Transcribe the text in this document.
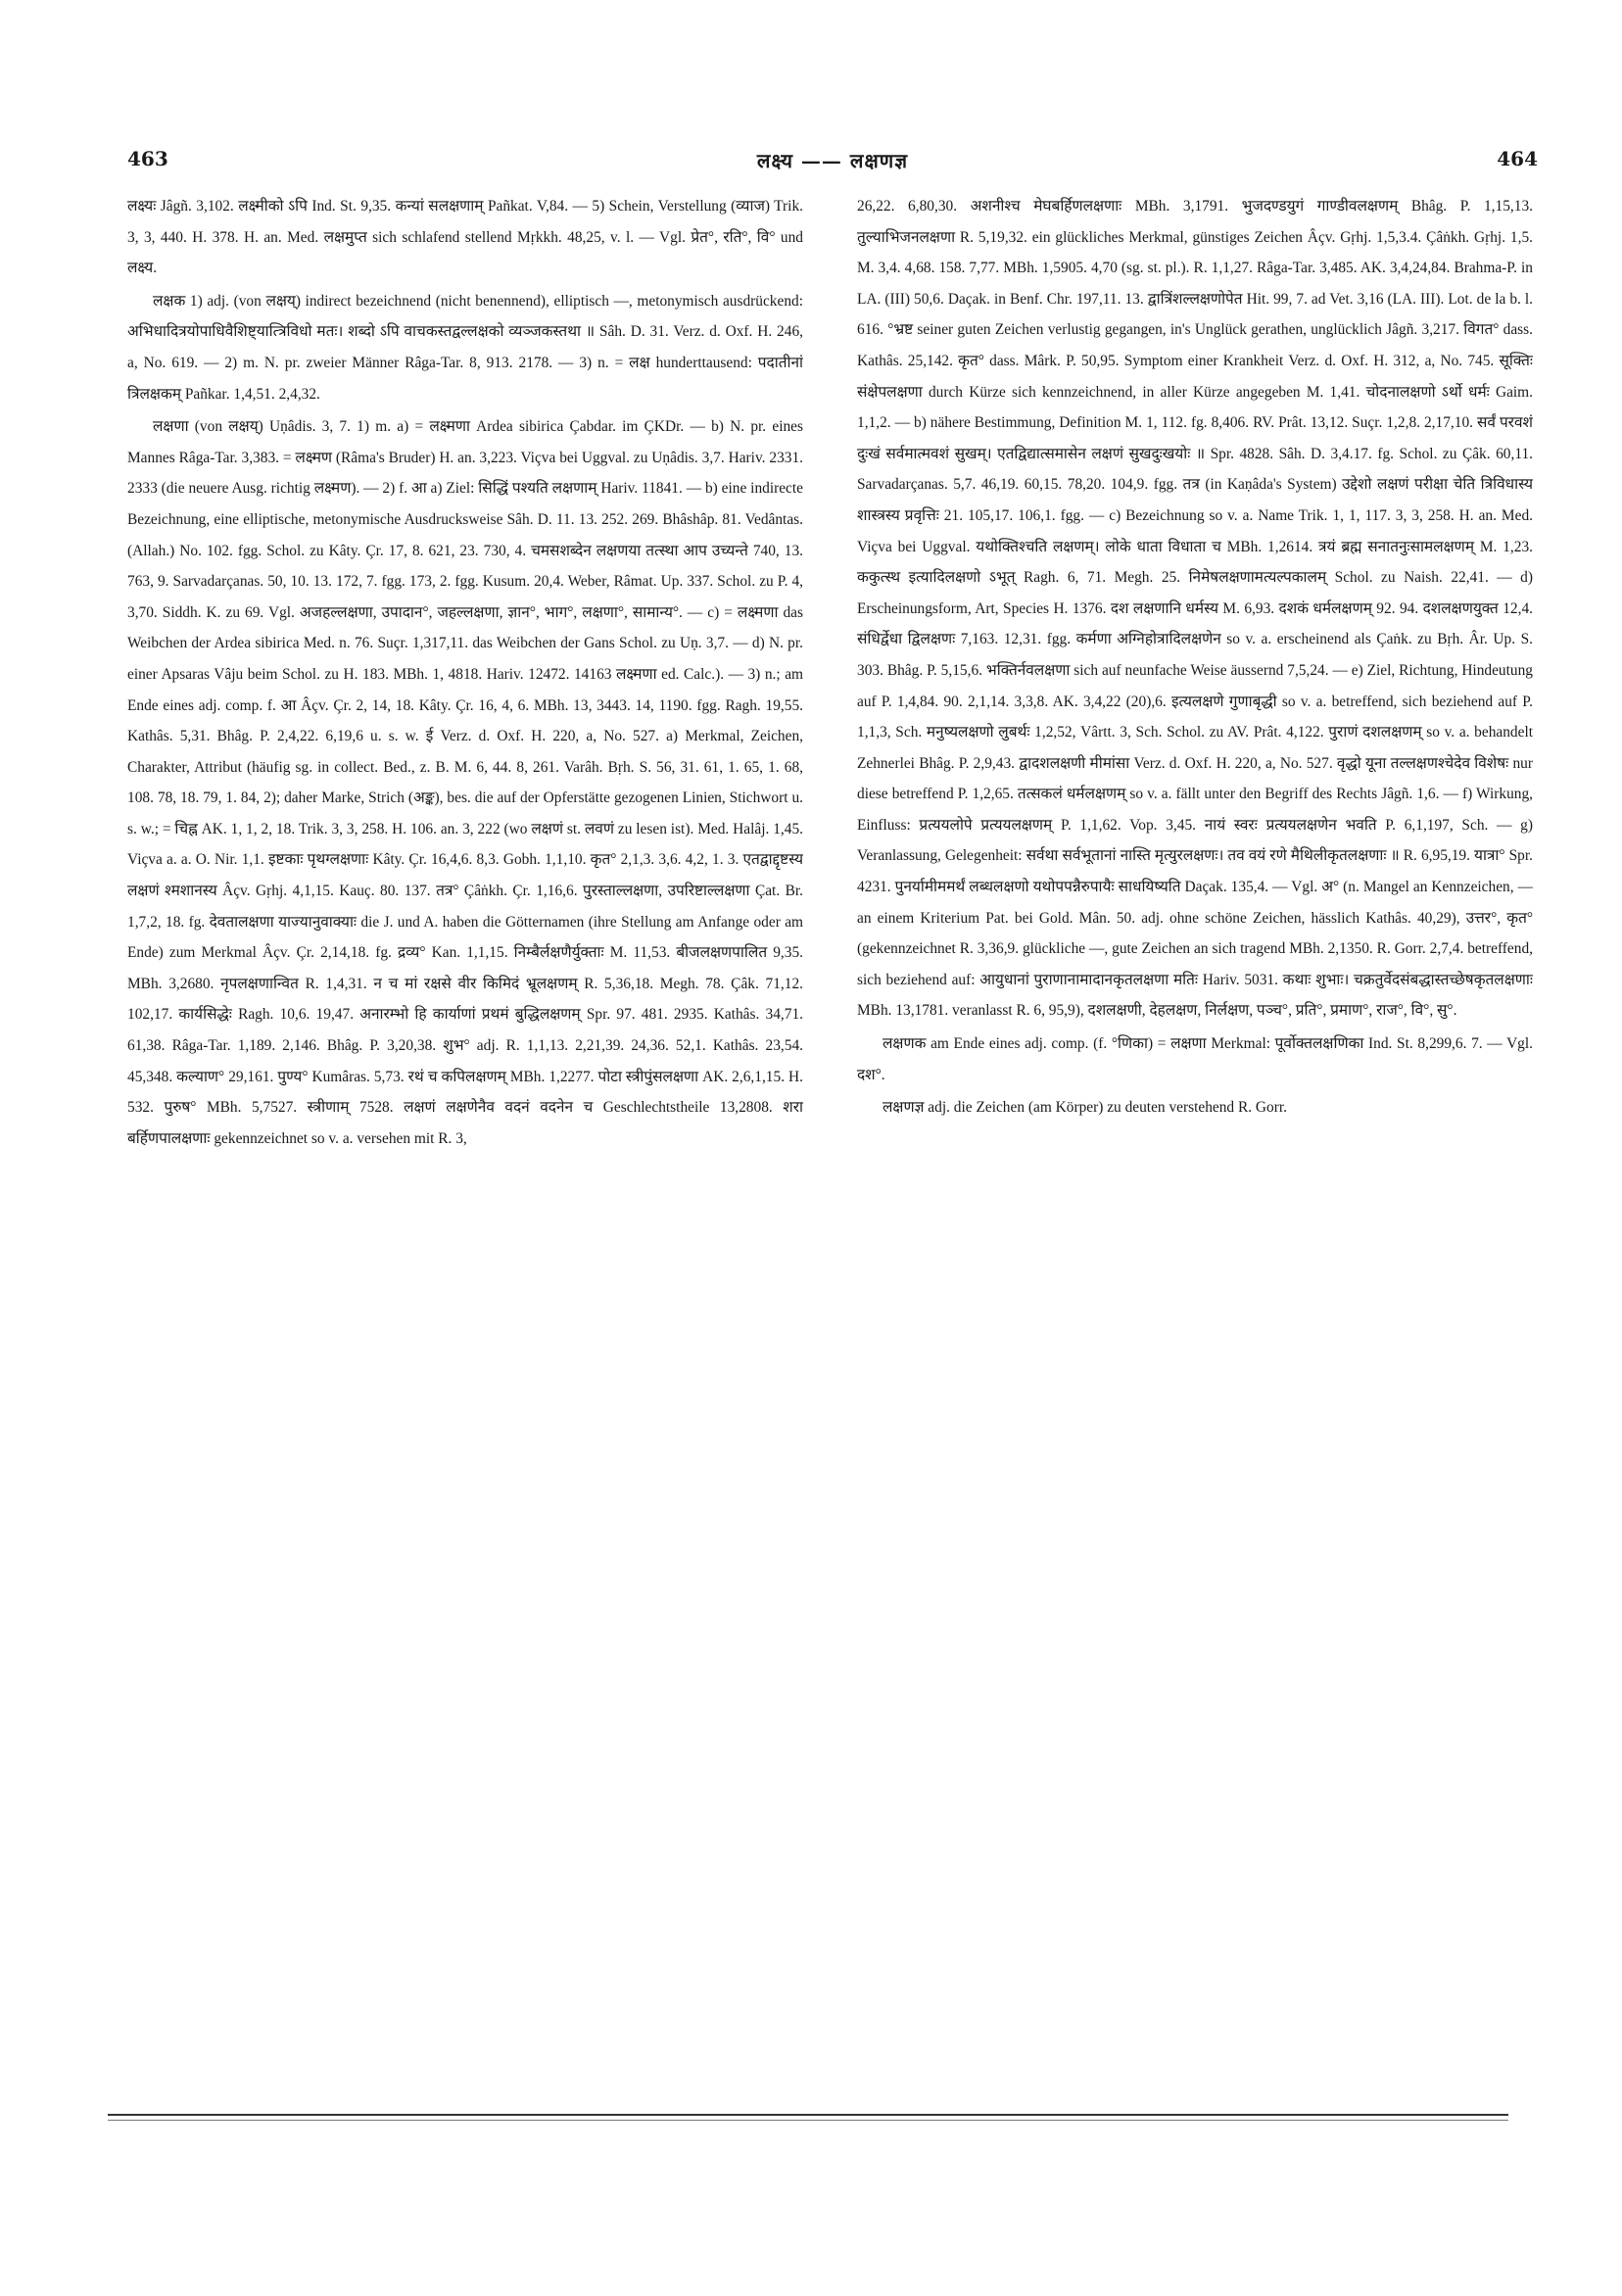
463	लक्ष्य —— लक्षणज्ञ	464

लक्ष्यः Jâgñ. 3,102. लक्ष्मीको ऽपि Ind. St. 9,35. कन्यां सलक्षणाम् Pañkat. V,84. — 5) Schein, Verstellung (व्याज) Trik. 3, 3, 440. H. 378. H. an. Med. लक्षमुप्त sich schlafend stellend Mṛkkh. 48,25, v. l. — Vgl. प्रेत°, रति°, वि° und लक्ष्य.

लक्षक 1) adj. (von लक्षय्) indirect bezeichnend (nicht benennend), elliptisch —, metonymisch ausdrückend: अभिधादित्रयोपाधिवैशिष्ट्यात्त्रिविधो मतः। शब्दो ऽपि वाचकस्तद्वल्लक्षको व्यञ्जकस्तथा ॥ Sâh. D. 31. Verz. d. Oxf. H. 246, a, No. 619. — 2) m. N. pr. zweier Männer Râga-Tar. 8, 913. 2178. — 3) n. = लक्ष hunderttausend: पदातीनां त्रिलक्षकम् Pañkar. 1,4,51. 2,4,32.

लक्षणा (von लक्षय्) Uṇâdis. 3, 7. 1) m. a) = लक्ष्मणा Ardea sibirica Çabdar. im ÇKDr. — b) N. pr. eines Mannes Râga-Tar. 3,383. = लक्ष्मण (Râma's Bruder) H. an. 3,223. Viçva bei Uggval. zu Uṇâdis. 3,7. Hariv. 2331. 2333 (die neuere Ausg. richtig लक्ष्मण). — 2) f. आ a) Ziel: सिद्धिं पश्यति लक्षणाम् Hariv. 11841. — b) eine indirecte Bezeichnung, eine elliptische, metonymische Ausdrucksweise Sâh. D. 11. 13. 252. 269. Bhâshâp. 81. Vedântas. (Allah.) No. 102. fgg. Schol. zu Kâty. Çr. 17, 8. 621, 23. 730, 4. चमसशब्देन लक्षणया तत्स्था आप उच्यन्ते 740, 13. 763, 9. Sarvadarçanas. 50, 10. 13. 172, 7. fgg. 173, 2. fgg. Kusum. 20,4. Weber, Râmat. Up. 337. Schol. zu P. 4, 3,70. Siddh. K. zu 69. Vgl. अजहल्लक्षणा, उपादान°, जहल्लक्षणा, ज्ञान°, भाग°, लक्षणा°, सामान्य°. — c) = लक्ष्मणा das Weibchen der Ardea sibirica Med. n. 76. Suçr. 1,317,11. das Weibchen der Gans Schol. zu Uṇ. 3,7. — d) N. pr. einer Apsaras Vâju beim Schol. zu H. 183. MBh. 1, 4818. Hariv. 12472. 14163 लक्ष्मणा ed. Calc.). — 3) n.; am Ende eines adj. comp. f. आ Âçv. Çr. 2, 14, 18. Kâty. Çr. 16, 4, 6. MBh. 13, 3443. 14, 1190. fgg. Ragh. 19,55. Kathâs. 5,31. Bhâg. P. 2,4,22. 6,19,6 u. s. w. ई Verz. d. Oxf. H. 220, a, No. 527. a) Merkmal, Zeichen, Charakter, Attribut (häufig sg. in collect. Bed., z. B. M. 6, 44. 8, 261. Varâh. Bṛh. S. 56, 31. 61, 1. 65, 1. 68, 108. 78, 18. 79, 1. 84, 2); daher Marke, Strich (अङ्क), bes. die auf der Opferstätte gezogenen Linien, Stichwort u. s. w.; = चिह्न AK. 1, 1, 2, 18. Trik. 3, 3, 258. H. 106. an. 3, 222 (wo लक्षणं st. लवणं zu lesen ist). Med. Halâj. 1,45. Viçva a. a. O. Nir. 1,1. इष्टकाः पृथग्लक्षणाः Kâty. Çr. 16,4,6. 8,3. Gobh. 1,1,10. कृत° 2,1,3. 3,6. 4,2, 1. 3. एतद्वाद्दृष्टस्य लक्षणं श्मशानस्य Âçv. Gṛhj. 4,1,15. Kauç. 80. 137. तत्र° Çâṅkh. Çr. 1,16,6. पुरस्ताल्लक्षणा, उपरिष्टाल्लक्षणा Çat. Br. 1,7,2, 18. fg. देवतालक्षणा याज्यानुवाक्याः die J. und A. haben die Götternamen (ihre Stellung am Anfange oder am Ende) zum Merkmal Âçv. Çr. 2,14,18. fg. द्रव्य° Kan. 1,1,15. निम्बैर्लक्षणैर्युक्ताः M. 11,53. बीजलक्षणपालित 9,35. MBh. 3,2680. नृपलक्षणान्वित R. 1,4,31. न च मां रक्षसे वीर किमिदं भ्रूलक्षणम् R. 5,36,18. Megh. 78. Çâk. 71,12. 102,17. कार्यसिद्धेः Ragh. 10,6. 19,47. अनारम्भो हि कार्याणां प्रथमं बुद्धिलक्षणम् Spr. 97. 481. 2935. Kathâs. 34,71. 61,38. Râga-Tar. 1,189. 2,146. Bhâg. P. 3,20,38. शुभ° adj. R. 1,1,13. 2,21,39. 24,36. 52,1. Kathâs. 23,54. 45,348. कल्याण° 29,161. पुण्य° Kumâras. 5,73. रथं च कपिलक्षणम् MBh. 1,2277. पोटा स्त्रीपुंसलक्षणा AK. 2,6,1,15. H. 532. पुरुष° MBh. 5,7527. स्त्रीणाम् 7528. लक्षणं लक्षणेनैव वदनं वदनेन च Geschlechtstheile 13,2808. शरा बर्हिणपालक्षणाः gekennzeichnet so v. a. versehen mit R. 3,

26,22. 6,80,30. अशनीश्च मेघबर्हिणलक्षणाः MBh. 3,1791. भुजदण्डयुगं गाण्डीवलक्षणम् Bhâg. P. 1,15,13. तुल्याभिजनलक्षणा R. 5,19,32. ein glückliches Merkmal, günstiges Zeichen Âçv. Gṛhj. 1,5,3.4. Çâṅkh. Gṛhj. 1,5. M. 3,4. 4,68. 158. 7,77. MBh. 1,5905. 4,70 (sg. st. pl.). R. 1,1,27. Râga-Tar. 3,485. AK. 3,4,24,84. Brahma-P. in LA. (III) 50,6. Daçak. in Benf. Chr. 197,11. 13. द्वात्रिंशल्लक्षणोपेत Hit. 99, 7. ad Vet. 3,16 (LA. III). Lot. de la b. l. 616. °भ्रष्ट seiner guten Zeichen verlustig gegangen, in's Unglück gerathen, unglücklich Jâgñ. 3,217. विगत° dass. Kathâs. 25,142. कृत° dass. Mârk. P. 50,95. Symptom einer Krankheit Verz. d. Oxf. H. 312, a, No. 745. सूक्तिः संक्षेपलक्षणा durch Kürze sich kennzeichnend, in aller Kürze angegeben M. 1,41. चोदनालक्षणो ऽर्थो धर्मः Gaim. 1,1,2. — b) nähere Bestimmung, Definition M. 1, 112. fg. 8,406. RV. Prât. 13,12. Suçr. 1,2,8. 2,17,10. सर्वं परवशं दुःखं सर्वमात्मवशं सुखम्। एतद्विद्यात्समासेन लक्षणं सुखदुःखयोः ॥ Spr. 4828. Sâh. D. 3,4.17. fg. Schol. zu Çâk. 60,11. Sarvadarçanas. 5,7. 46,19. 60,15. 78,20. 104,9. fgg. तत्र (in Kaṇâda's System) उद्देशो लक्षणं परीक्षा चेति त्रिविधास्य शास्त्रस्य प्रवृत्तिः 21. 105,17. 106,1. fgg. — c) Bezeichnung so v. a. Name Trik. 1, 1, 117. 3, 3, 258. H. an. Med. Viçva bei Uggval. यथोक्तिश्चति लक्षणम्। लोके धाता विधाता च MBh. 1,2614. त्रयं ब्रह्म सनातनुःसामलक्षणम् M. 1,23. ककुत्स्थ इत्यादिलक्षणो ऽभूत् Ragh. 6, 71. Megh. 25. निमेषलक्षणामत्यल्पकालम् Schol. zu Naish. 22,41. — d) Erscheinungsform, Art, Species H. 1376. दश लक्षणानि धर्मस्य M. 6,93. दशकं धर्मलक्षणम् 92. 94. दशलक्षणयुक्त 12,4. संधिर्द्वेधा द्विलक्षणः 7,163. 12,31. fgg. कर्मणा अग्निहोत्रादिलक्षणेन so v. a. erscheinend als Çaṅk. zu Bṛh. Âr. Up. S. 303. Bhâg. P. 5,15,6. भक्तिर्नवलक्षणा sich auf neunfache Weise äussernd 7,5,24. — e) Ziel, Richtung, Hindeutung auf P. 1,4,84. 90. 2,1,14. 3,3,8. AK. 3,4,22 (20),6. इत्यलक्षणे गुणाबृद्धी so v. a. betreffend, sich beziehend auf P. 1,1,3, Sch. मनुष्यलक्षणो लुबर्थः 1,2,52, Vârtt. 3, Sch. Schol. zu AV. Prât. 4,122. पुराणं दशलक्षणम् so v. a. behandelt Zehnerlei Bhâg. P. 2,9,43. द्वादशलक्षणी मीमांसा Verz. d. Oxf. H. 220, a, No. 527. वृद्धो यूना तल्लक्षणश्चेदेव विशेषः nur diese betreffend P. 1,2,65. तत्सकलं धर्मलक्षणम् so v. a. fällt unter den Begriff des Rechts Jâgñ. 1,6. — f) Wirkung, Einfluss: प्रत्ययलोपे प्रत्ययलक्षणम् P. 1,1,62. Vop. 3,45. नायं स्वरः प्रत्ययलक्षणेन भवति P. 6,1,197, Sch. — g) Veranlassung, Gelegenheit: सर्वथा सर्वभूतानां नास्ति मृत्युरलक्षणः। तव वयं रणे मैथिलीकृतलक्षणाः ॥ R. 6,95,19. यात्रा° Spr. 4231. पुनर्यामीममर्थं लब्धलक्षणो यथोपपन्नैरुपायैः साधयिष्यति Daçak. 135,4. — Vgl. अ° (n. Mangel an Kennzeichen, — an einem Kriterium Pat. bei Gold. Mân. 50. adj. ohne schöne Zeichen, hässlich Kathâs. 40,29), उत्तर°, कृत° (gekennzeichnet R. 3,36,9. glückliche —, gute Zeichen an sich tragend MBh. 2,1350. R. Gorr. 2,7,4. betreffend, sich beziehend auf: आयुधानां पुराणानामादानकृतलक्षणा मतिः Hariv. 5031. कथाः शुभाः। चक्रतुर्वेदसंबद्धास्तच्छेषकृतलक्षणाः MBh. 13,1781. veranlasst R. 6, 95,9), दशलक्षणी, देहलक्षण, निर्लक्षण, पञ्च°, प्रति°, प्रमाण°, राज°, वि°, सु°.

लक्षणक am Ende eines adj. comp. (f. °णिका) = लक्षणा Merkmal: पूर्वोक्तलक्षणिका Ind. St. 8,299,6. 7. — Vgl. दश°.

लक्षणज्ञ adj. die Zeichen (am Körper) zu deuten verstehend R. Gorr.
